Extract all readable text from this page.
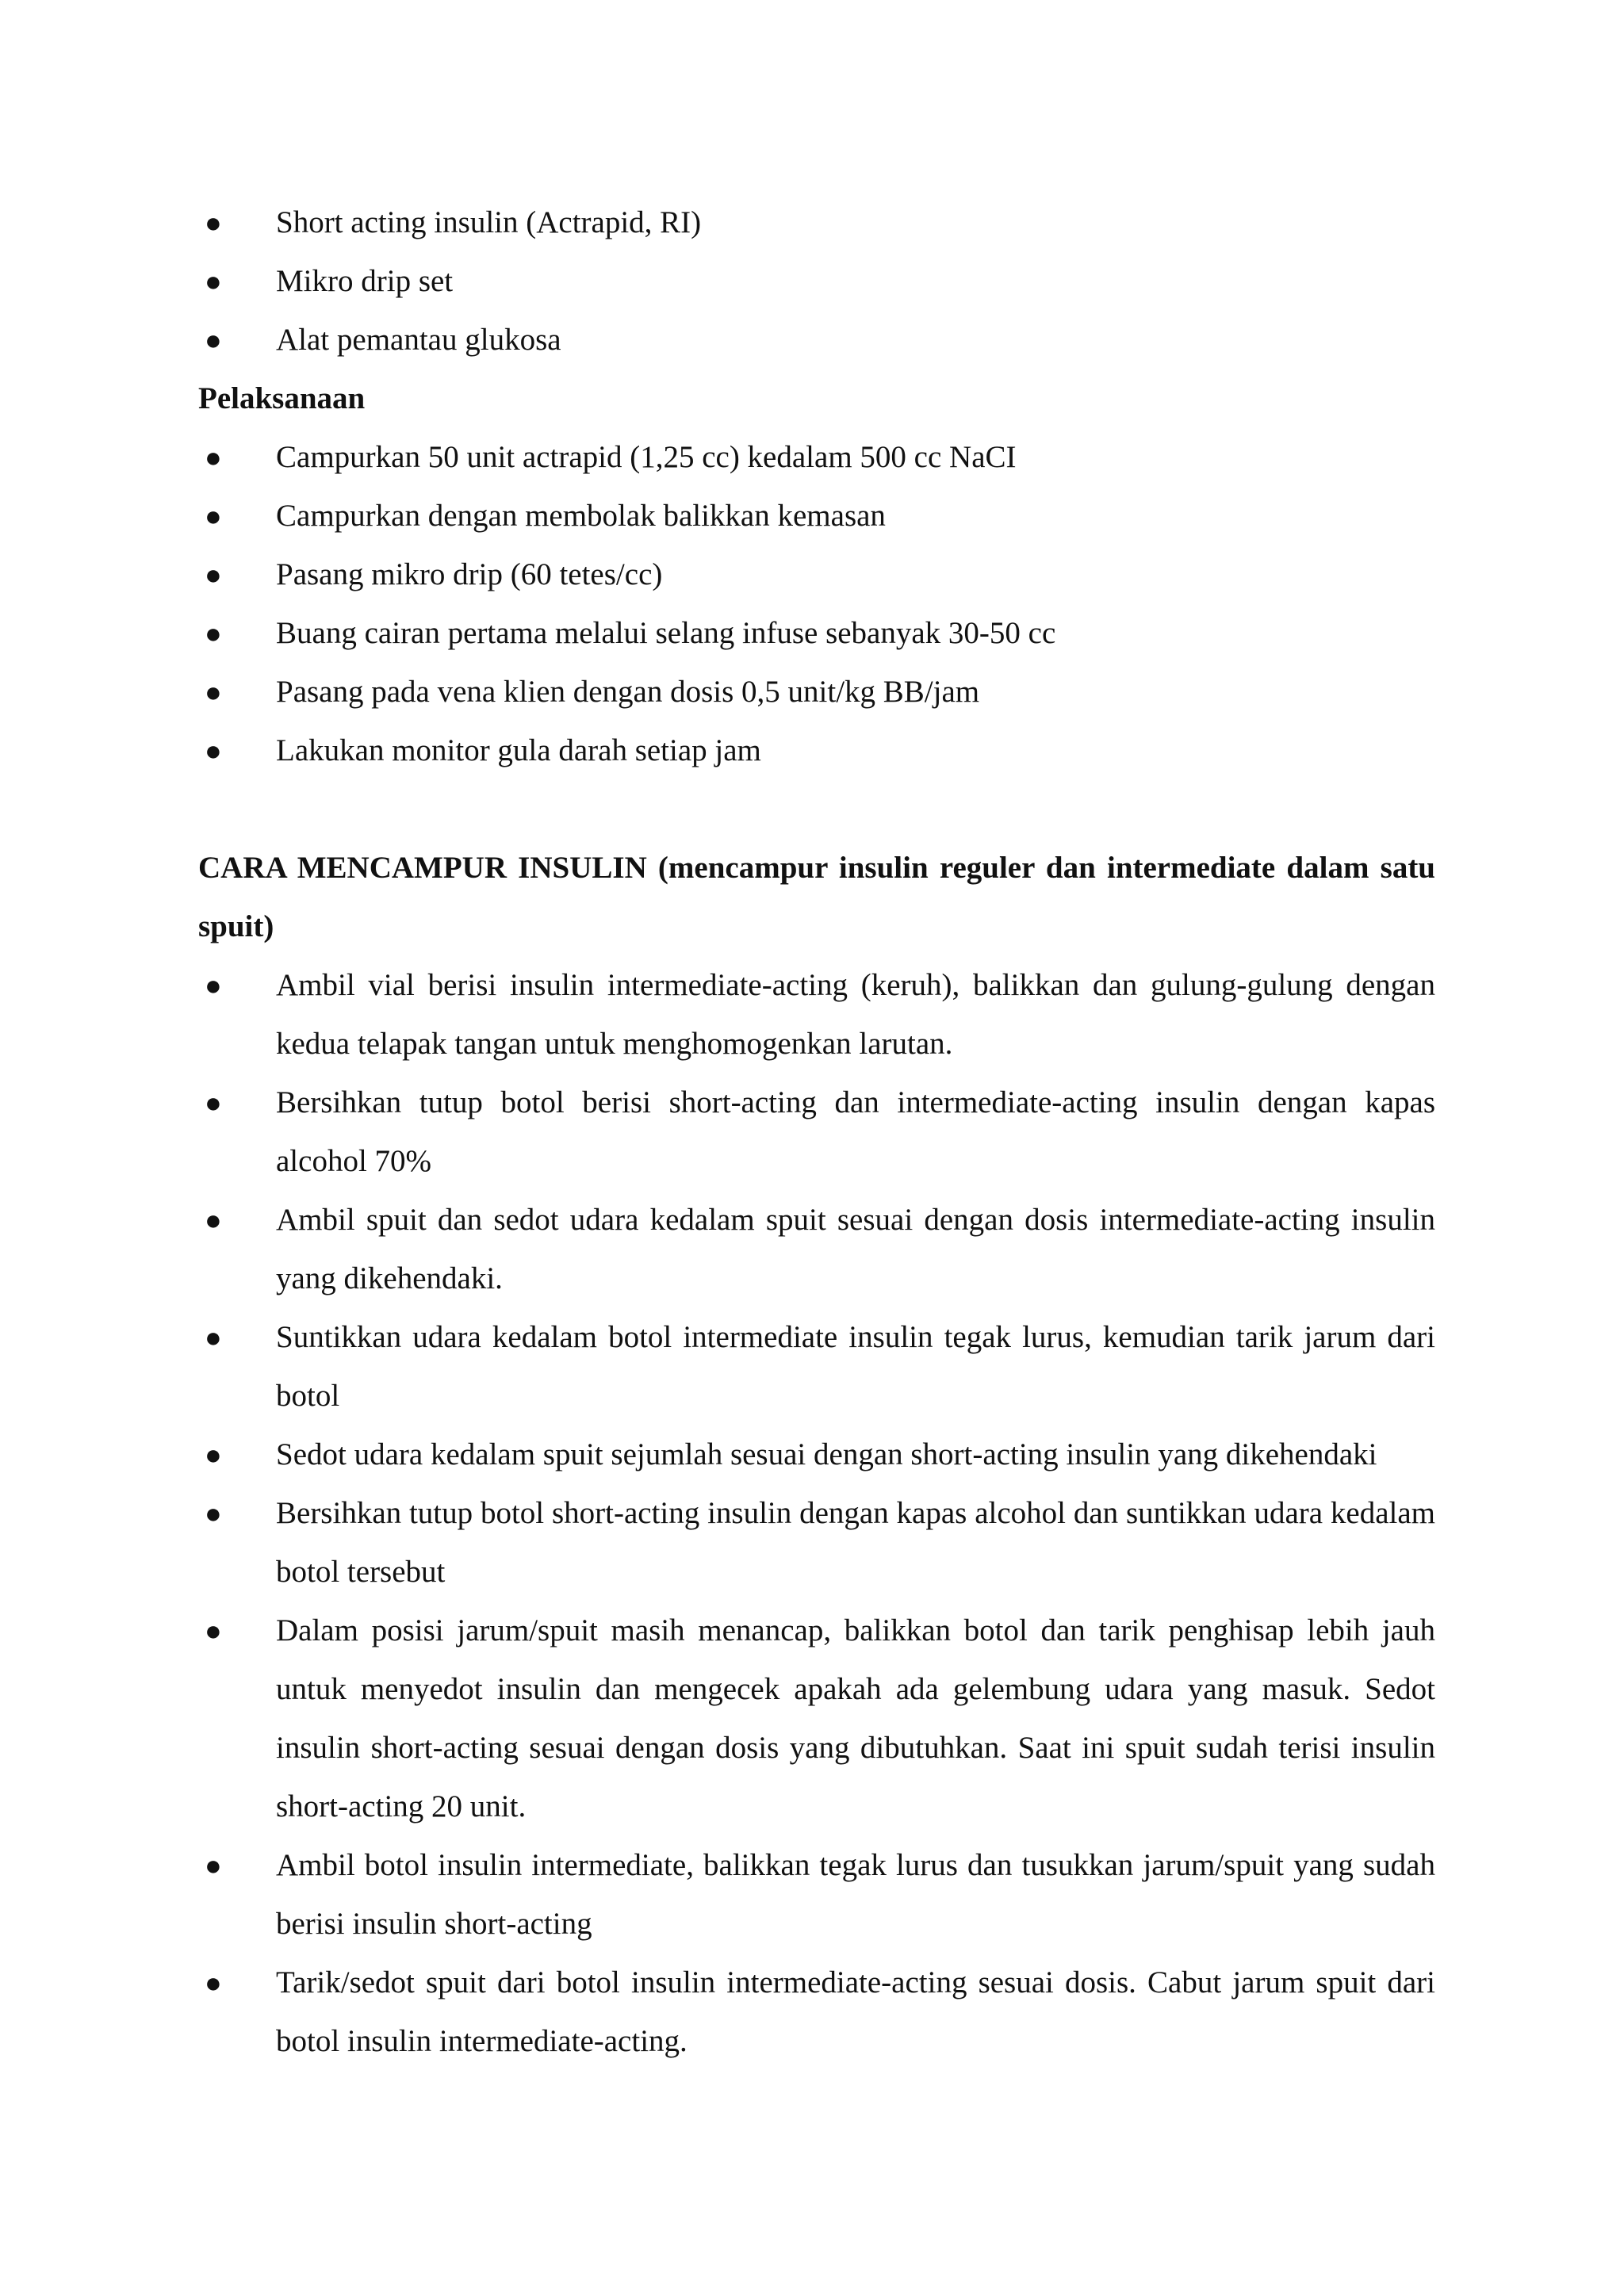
● Short acting insulin (Actrapid, RI)
● Mikro drip set
● Alat pemantau glukosa

Pelaksanaan

● Campurkan 50 unit actrapid (1,25 cc) kedalam 500 cc NaCI
● Campurkan dengan membolak balikkan kemasan
● Pasang mikro drip (60 tetes/cc)
● Buang cairan pertama melalui selang infuse sebanyak 30-50 cc
● Pasang pada vena klien dengan dosis 0,5 unit/kg BB/jam
● Lakukan monitor gula darah setiap jam

CARA MENCAMPUR INSULIN (mencampur insulin reguler dan intermediate dalam satu spuit)

● Ambil vial berisi insulin intermediate-acting (keruh), balikkan dan gulung-gulung dengan kedua telapak tangan untuk menghomogenkan larutan.
● Bersihkan tutup botol berisi short-acting dan intermediate-acting insulin dengan kapas alcohol 70%
● Ambil spuit dan sedot udara kedalam spuit sesuai dengan dosis intermediate-acting insulin yang dikehendaki.
● Suntikkan udara kedalam botol intermediate insulin tegak lurus, kemudian tarik jarum dari botol
● Sedot udara kedalam spuit sejumlah sesuai dengan short-acting insulin yang dikehendaki
● Bersihkan tutup botol short-acting insulin dengan kapas alcohol dan suntikkan udara kedalam botol tersebut
● Dalam posisi jarum/spuit masih menancap, balikkan botol dan tarik penghisap lebih jauh untuk menyedot insulin dan mengecek apakah ada gelembung udara yang masuk. Sedot insulin short-acting sesuai dengan dosis yang dibutuhkan. Saat ini spuit sudah terisi insulin short-acting 20 unit.
● Ambil botol insulin intermediate, balikkan tegak lurus dan tusukkan jarum/spuit yang sudah berisi insulin short-acting
● Tarik/sedot spuit dari botol insulin intermediate-acting sesuai dosis. Cabut jarum spuit dari botol insulin intermediate-acting.
